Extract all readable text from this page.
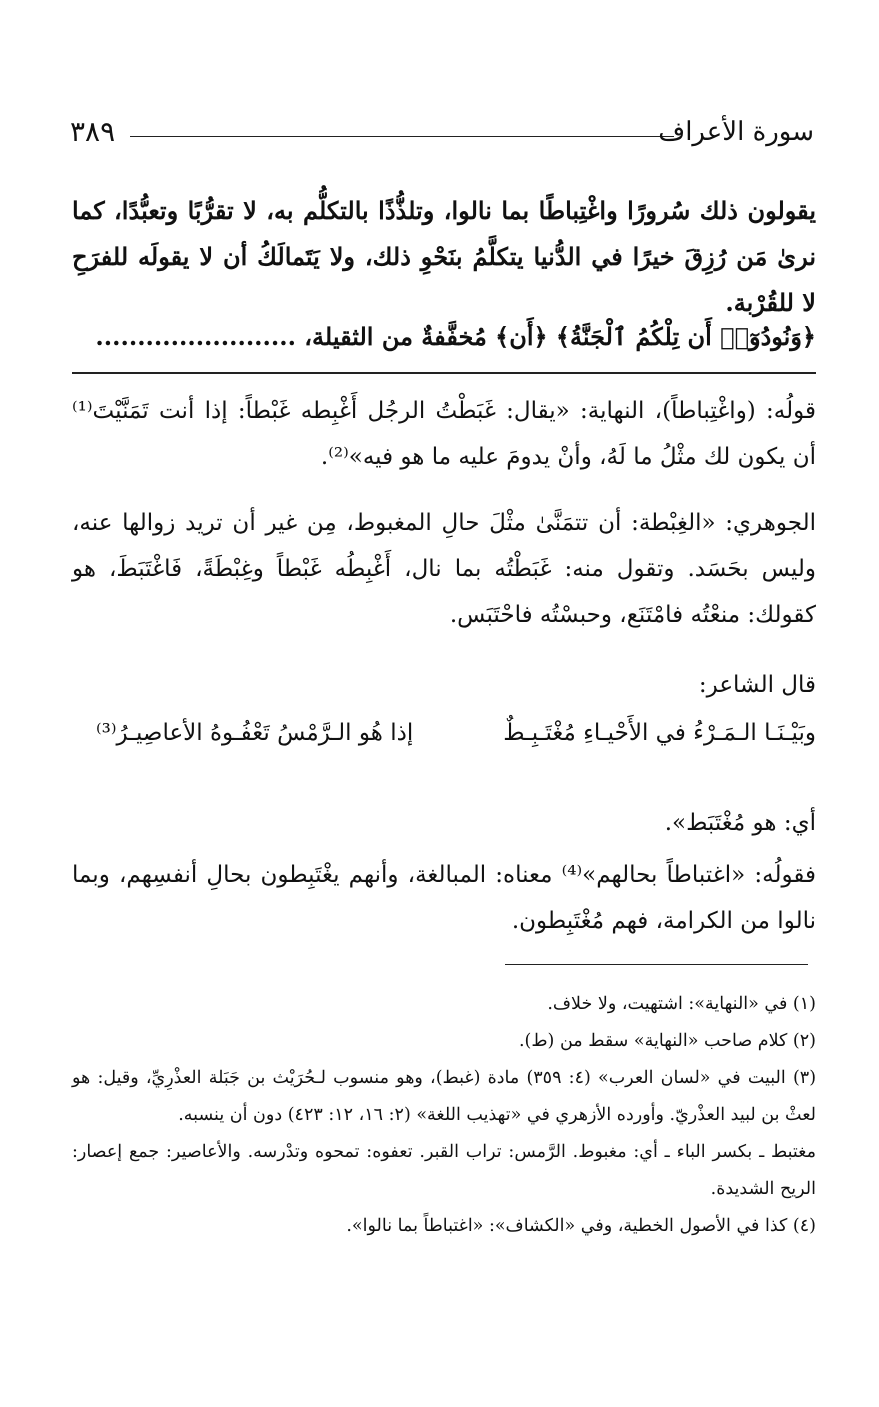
٣٨٩	سورة الأعراف
يقولون ذلك سُرورًا واغْتِباطًا بما نالوا، وتلذُّذًا بالتكلُّم به، لا تقرُّبًا وتعبُّدًا، كما نرىٰ مَن رُزِقَ خيرًا في الدُّنيا يتكلَّمُ بنَحْوِ ذلك، ولا يَتَمالَكُ أن لا يقولَه للفرَحِ لا للقُرْبة.
﴿وَنُودُوٓا۟ أَن تِلْكُمُ ٱلْجَنَّةُ﴾ ﴿أَن﴾ مُخفَّفةٌ من الثقيلة، ........................
قولُه: (واغْتِباطاً)، النهاية: «يقال: غَبَطْتُ الرجُل أَغْبِطه غَبْطاً: إذا أنت تَمَنَّيْتَ⁽¹⁾ أن يكون لك مثْلُ ما لَهُ، وأنْ يدومَ عليه ما هو فيه»⁽²⁾.
الجوهري: «الغِبْطة: أن تتمَنَّىٰ مثْلَ حالِ المغبوط، مِن غير أن تريد زوالها عنه، وليس بحَسَد. وتقول منه: غَبَطْتُه بما نال، أَغْبِطُه غَبْطاً وغِبْطَةً، فَاغْتَبَطَ، هو كقولك: منعْتُه فامْتَنَع، وحبسْتُه فاحْتَبَس.
قال الشاعر:
وبَيْـنَـا الـمَـرْءُ في الأَحْيـاءِ مُغْتَـبِـطٌ
إذا هُو الـرَّمْسُ تَعْفُـوهُ الأعاصِيـرُ⁽³⁾
أي: هو مُغْتَبَط».
فقولُه: «اغتباطاً بحالهم»⁽⁴⁾ معناه: المبالغة، وأنهم يغْتَبِطون بحالِ أنفسِهم، وبما نالوا من الكرامة، فهم مُغْتَبِطون.

(١) في «النهاية»: اشتهيت، ولا خلاف.

(٢) كلام صاحب «النهاية» سقط من (ط).

(٣) البيت في «لسان العرب» (٤: ٣٥٩) مادة (غبط)، وهو منسوب لـحُرَيْث بن جَبَلة العذْرِيِّ، وقيل: هو لعثْ بن لبيد العذْريّ. وأورده الأزهري في «تهذيب اللغة» (٢: ١٦، ١٢: ٤٢٣) دون أن ينسبه.

مغتبط ـ بكسر الباء ـ أي: مغبوط. الرَّمس: تراب القبر. تعفوه: تمحوه وتدْرسه. والأعاصير: جمع إعصار: الريح الشديدة.

(٤) كذا في الأصول الخطية، وفي «الكشاف»: «اغتباطاً بما نالوا».
